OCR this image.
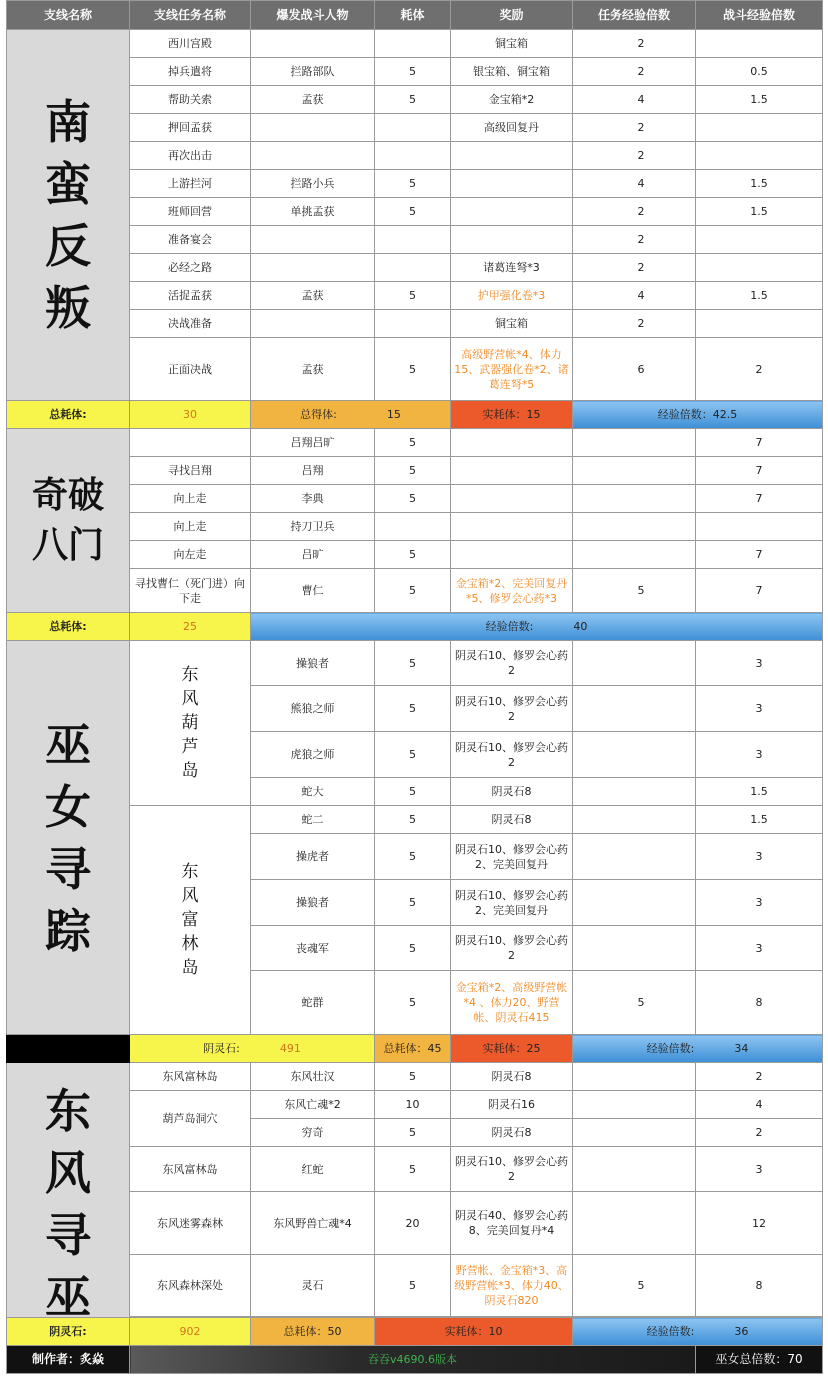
支线名称	支线任务名称	爆发战斗人物	耗体	奖励	任务经验倍数	战斗经验倍数

南蛮反叛	西川宫殿			铜宝箱	2	
	掉兵遣将	拦路部队	5	银宝箱、铜宝箱	2	0.5
	帮助关索	孟获	5	金宝箱*2	4	1.5
	押回孟获			高级回复丹	2	
	再次出击				2	
	上游拦河	拦路小兵	5		4	1.5
	班师回营	单挑孟获	5		2	1.5
	准备宴会				2	
	必经之路			诸葛连弩*3	2	
	活捉孟获	孟获	5	护甲强化卷*3	4	1.5
	决战准备			铜宝箱	2	
	正面决战	孟获	5	高级野营帐*4、体力15、武器强化卷*2、诸葛连弩*5	6	2
总耗体:	30	总得体: 15		实耗体：15	经验倍数：42.5	

奇破八门		吕翔吕旷	5			7
	寻找吕翔	吕翔	5			7
	向上走	李典	5			7
	向上走	持刀卫兵				
	向左走	吕旷	5			7
	寻找曹仁（死门进）向下走	曹仁	5	金宝箱*2、完美回复丹*5、修罗会心药*3	5	7
总耗体:	25	经验倍数: 40				

巫女寻踪	东风葫芦岛	操狼者	5	阴灵石10、修罗会心药2		3
		熊狼之师	5	阴灵石10、修罗会心药2		3
		虎狼之师	5	阴灵石10、修罗会心药2		3
		蛇大	5	阴灵石8		1.5

	东风富林岛	蛇二	5	阴灵石8		1.5
		操虎者	5	阴灵石10、修罗会心药2、完美回复丹		3
		操狼者	5	阴灵石10、修罗会心药2、完美回复丹		3
		丧魂军	5	阴灵石10、修罗会心药2		3
		蛇群	5	金宝箱*2、高级野营帐*4 、体力20、野营帐、阴灵石415	5	8
	阴灵石: 491		总耗体：45	实耗体：25	经验倍数: 34	

东风寻巫	东风富林岛	东风壮汉	5	阴灵石8		2
	葫芦岛洞穴	东风亡魂*2	10	阴灵石16		4
		穷奇	5	阴灵石8		2
	东风富林岛	红蛇	5	阴灵石10、修罗会心药2		3
	东风迷雾森林	东风野兽亡魂*4	20	阴灵石40、修罗会心药8、完美回复丹*4		12
	东风森林深处	灵石	5	野营帐、金宝箱*3、高级野营帐*3、体力40、阴灵石820	5	8

阴灵石:	902	总耗体：50	实耗体：10	经验倍数: 36	
制作者：炙焱	吞吞v4690.6版本				巫女总倍数：70
